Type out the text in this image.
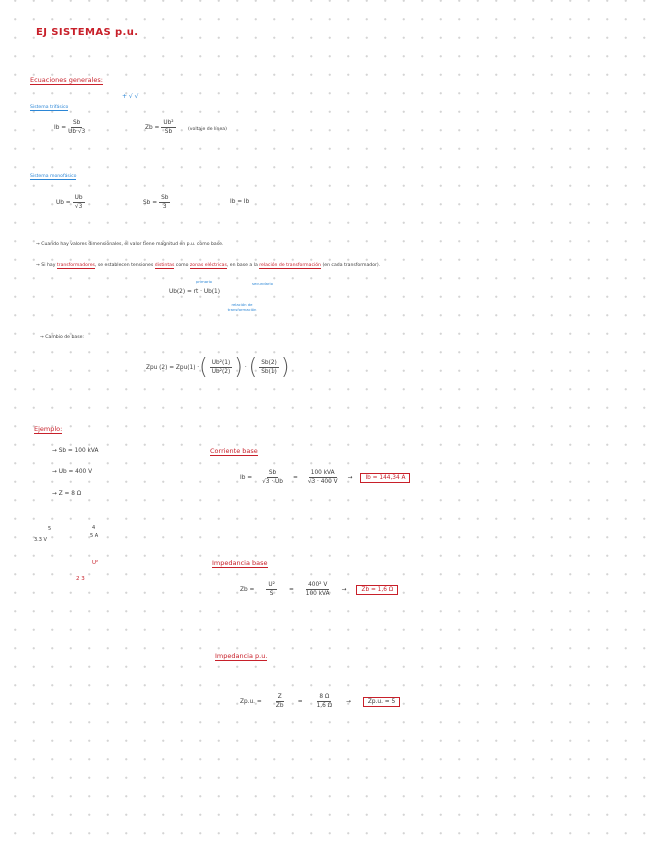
EJ SISTEMAS p.u.
Ecuaciones generales:
+ √ √
Sistema trifásico
$Ib = \frac{Sb}{Ub\cdot√3}$	$Zb = \frac{\text{Ub²}}{Sb}$	(voltaje de línea)
Sistema monofásico
$Ub = \frac{Ub}{√3}$	$Sb = \frac{Sb}{3}$	Ib = Ib
→ Cuando hay valores dimensionales, el valor tiene magnitud en p.u. como base.
→ Si hay transformadores, se establecen tensiones distintas como zonas eléctricas, en base a la relación de transformación (en cada transformador).
primario	secundario
Ub(2) = rt · Ub(1)
relación de transformación
→ Cambio de base:
Zpu (2) = Zpu(1) · ( $\frac{\text{Ub²(1)}}{\text{Ub²(2)}}$ ) · ( $\frac{Sb(2)}{Sb(1)}$ )
Ejemplo:
→ Sb = 100 kVA
→ Ub = 400 V
→ Z = 8 Ω
5	4
3.3 V
5 A
U²
2 3
Corriente base
$Ib = \frac{Sb}{√3 \cdot Ub} = \frac{\text{100 kVA}}{√3 \cdot 400 V}$ →	Ib = 144,34 A
Impedancia base
$Zb = \frac{\text{U²}}{S} = \frac{\text{400² V}}{\text{100 kVA}}$ →	Zb = 1,6 Ω
Impedancia p.u.
Zp.u. = $\frac{Z}{Zb} = \frac{8 \Omega}{1,6 \Omega}$ →	Zp.u. = 5
